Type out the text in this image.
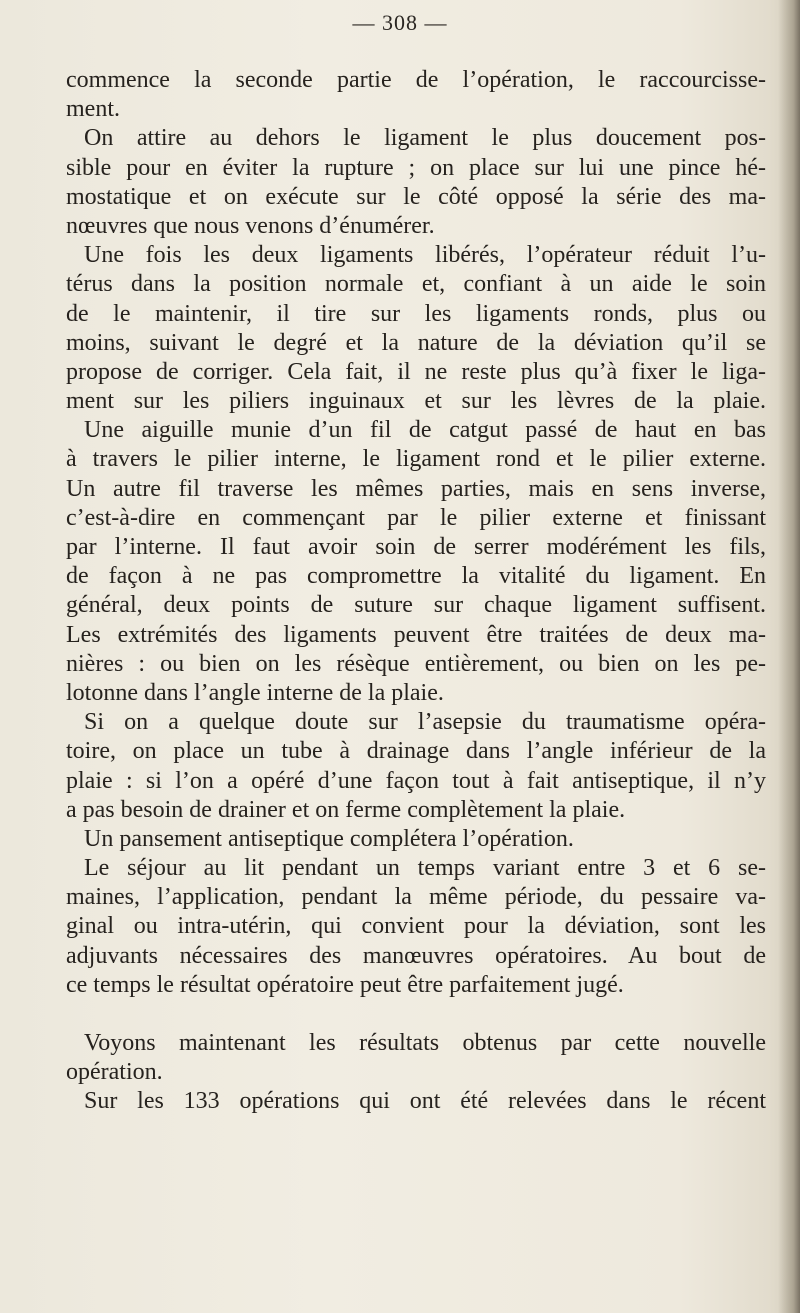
— 308 —
commence la seconde partie de l’opération, le raccourcisse-
ment.
On attire au dehors le ligament le plus doucement pos-
sible pour en éviter la rupture ; on place sur lui une pince hé-
mostatique et on exécute sur le côté opposé la série des ma-
nœuvres que nous venons d’énumérer.
Une fois les deux ligaments libérés, l’opérateur réduit l’u-
térus dans la position normale et, confiant à un aide le soin
de le maintenir, il tire sur les ligaments ronds, plus ou
moins, suivant le degré et la nature de la déviation qu’il se
propose de corriger. Cela fait, il ne reste plus qu’à fixer le liga-
ment sur les piliers inguinaux et sur les lèvres de la plaie.
Une aiguille munie d’un fil de catgut passé de haut en bas
à travers le pilier interne, le ligament rond et le pilier externe.
Un autre fil traverse les mêmes parties, mais en sens inverse,
c’est-à-dire en commençant par le pilier externe et finissant
par l’interne. Il faut avoir soin de serrer modérément les fils,
de façon à ne pas compromettre la vitalité du ligament. En
général, deux points de suture sur chaque ligament suffisent.
Les extrémités des ligaments peuvent être traitées de deux ma-
nières : ou bien on les résèque entièrement, ou bien on les pe-
lotonne dans l’angle interne de la plaie.
Si on a quelque doute sur l’asepsie du traumatisme opéra-
toire, on place un tube à drainage dans l’angle inférieur de la
plaie : si l’on a opéré d’une façon tout à fait antiseptique, il n’y
a pas besoin de drainer et on ferme complètement la plaie.
Un pansement antiseptique complétera l’opération.
Le séjour au lit pendant un temps variant entre 3 et 6 se-
maines, l’application, pendant la même période, du pessaire va-
ginal ou intra-utérin, qui convient pour la déviation, sont les
adjuvants nécessaires des manœuvres opératoires. Au bout de
ce temps le résultat opératoire peut être parfaitement jugé.
Voyons maintenant les résultats obtenus par cette nouvelle
opération.
Sur les 133 opérations qui ont été relevées dans le récent
